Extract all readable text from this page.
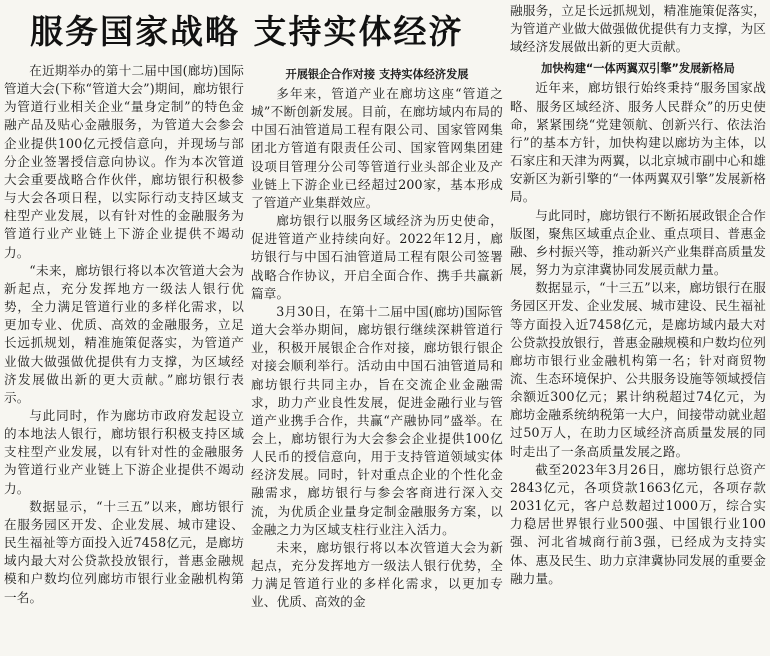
服务国家战略 支持实体经济

在近期举办的第十二届中国(廊坊)国际管道大会(下称“管道大会”)期间，廊坊银行为管道行业相关企业“量身定制”的特色金融产品及贴心金融服务，为管道大会参会企业提供100亿元授信意向，并现场与部分企业签署授信意向协议。作为本次管道大会重要战略合作伙伴，廊坊银行积极参与大会各项日程，以实际行动支持区域支柱型产业发展，以有针对性的金融服务为管道行业产业链上下游企业提供不竭动力。

“未来，廊坊银行将以本次管道大会为新起点，充分发挥地方一级法人银行优势，全力满足管道行业的多样化需求，以更加专业、优质、高效的金融服务，立足长远抓规划，精准施策促落实，为管道产业做大做强做优提供有力支撑，为区域经济发展做出新的更大贡献。”廊坊银行表示。

与此同时，作为廊坊市政府发起设立的本地法人银行，廊坊银行积极支持区域支柱型产业发展，以有针对性的金融服务为管道行业产业链上下游企业提供不竭动力。

数据显示，“十三五”以来，廊坊银行在服务园区开发、企业发展、城市建设、民生福祉等方面投入近7458亿元，是廊坊域内最大对公贷款投放银行，普惠金融规模和户数均位列廊坊市银行业金融机构第一名。

开展银企合作对接 支持实体经济发展

多年来，管道产业在廊坊这座“管道之城”不断创新发展。目前，在廊坊域内布局的中国石油管道局工程有限公司、国家管网集团北方管道有限责任公司、国家管网集团建设项目管理分公司等管道行业头部企业及产业链上下游企业已经超过200家，基本形成了管道产业集群效应。

廊坊银行以服务区域经济为历史使命，促进管道产业持续向好。2022年12月，廊坊银行与中国石油管道局工程有限公司签署战略合作协议，开启全面合作、携手共赢新篇章。

3月30日，在第十二届中国(廊坊)国际管道大会举办期间，廊坊银行继续深耕管道行业，积极开展银企合作对接，廊坊银行银企对接会顺利举行。活动由中国石油管道局和廊坊银行共同主办，旨在交流企业金融需求，助力产业良性发展，促进金融行业与管道产业携手合作，共赢“产融协同”盛举。在会上，廊坊银行为大会参会企业提供100亿人民币的授信意向，用于支持管道领域实体经济发展。同时，针对重点企业的个性化金融需求，廊坊银行与参会客商进行深入交流，为优质企业量身定制金融服务方案，以金融之力为区域支柱行业注入活力。

未来，廊坊银行将以本次管道大会为新起点，充分发挥地方一级法人银行优势，全力满足管道行业的多样化需求，以更加专业、优质、高效的金

融服务，立足长远抓规划，精准施策促落实，为管道产业做大做强做优提供有力支撑，为区域经济发展做出新的更大贡献。

加快构建“一体两翼双引擎”发展新格局

近年来，廊坊银行始终秉持“服务国家战略、服务区域经济、服务人民群众”的历史使命，紧紧围绕“党建领航、创新兴行、依法治行”的基本方针，加快构建以廊坊为主体，以石家庄和天津为两翼，以北京城市副中心和雄安新区为新引擎的“一体两翼双引擎”发展新格局。

与此同时，廊坊银行不断拓展政银企合作版图，聚焦区域重点企业、重点项目、普惠金融、乡村振兴等，推动新兴产业集群高质量发展，努力为京津冀协同发展贡献力量。

数据显示，“十三五”以来，廊坊银行在服务园区开发、企业发展、城市建设、民生福祉等方面投入近7458亿元，是廊坊域内最大对公贷款投放银行，普惠金融规模和户数均位列廊坊市银行业金融机构第一名；针对商贸物流、生态环境保护、公共服务设施等领域授信余额近300亿元；累计纳税超过74亿元，为廊坊金融系统纳税第一大户，间接带动就业超过50万人，在助力区域经济高质量发展的同时走出了一条高质量发展之路。

截至2023年3月26日，廊坊银行总资产2843亿元，各项贷款1663亿元，各项存款2031亿元，客户总数超过1000万，综合实力稳居世界银行业500强、中国银行业100强、河北省城商行前3强，已经成为支持实体、惠及民生、助力京津冀协同发展的重要金融力量。
